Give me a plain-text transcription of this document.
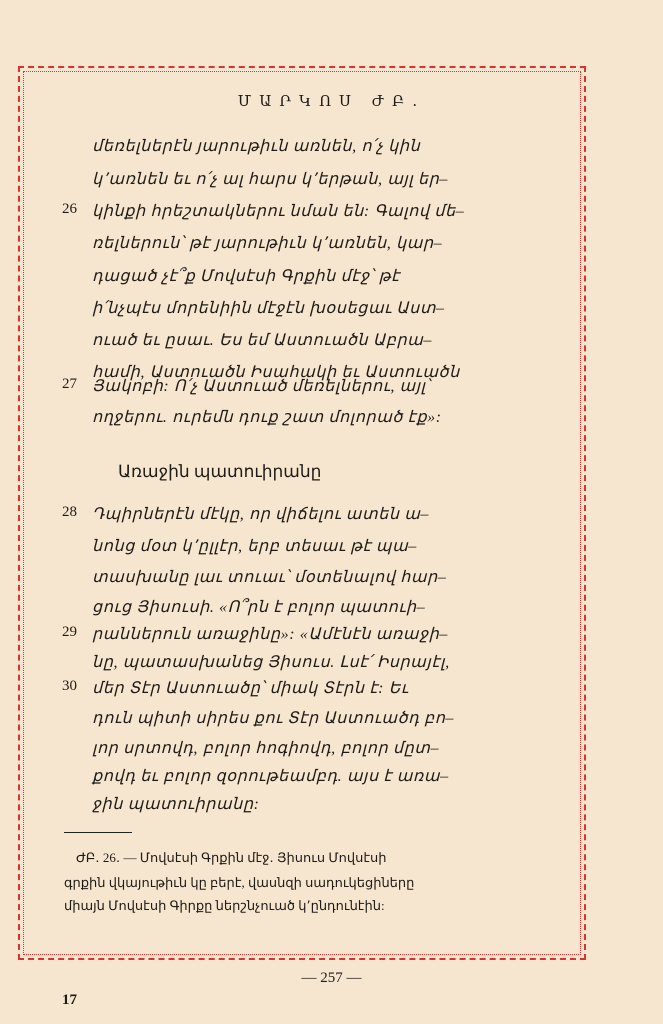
ՄԱՐԿՈՍ ԺԲ․
մեռելներէն յարութիւն առնեն, ո՛չ կին
կ՚առնեն եւ ո՛չ ալ հարս կ՚երթան, այլ եր–
26 կինքի հրեշտակներու նման են: Գալով մե–
ռելներուն՝ թէ յարութիւն կ՚առնեն, կար–
դացած չէ՞ք Մովսէսի Գրքին մէջ՝ թէ
ի՛նչպէս մորենիին մէջէն խօսեցաւ Աստ–
ուած եւ ըսաւ. Ես եմ Աստուածն Աբրա–
համի, Աստուածն Իսահակի եւ Աստուածն
27 Յակոբի: Ո՛չ Աստուած մեռելներու, այլ՝
ողջերու. ուրեմն դուք շատ մոլորած էք»:
Առաջին պատուիրանը
28 Դպիրներէն մէկը, որ վիճելու ատեն ա–
նոնց մօտ կ՚ըլլէր, երբ տեսաւ թէ պա–
տասխանը լաւ տուաւ՝ մօտենալով հար–
ցուց Յիսուսի. «Ո՞րն է բոլոր պատուի–
29 րաններուն առաջինը»: «Ամէնէն առաջի–
նը, պատասխանեց Յիսուս. Լսէ՛ Իսրայէլ,
30 մեր Տէր Աստուածը՝ միակ Տէրն է: Եւ
դուն պիտի սիրես քու Տէր Աստուածդ բո–
լոր սրտովդ, բոլոր հոգիովդ, բոլոր մըտ–
քովդ եւ բոլոր զօրութեամբդ. այս է առա–
ջին պատուիրանը:
ԺԲ․ 26․ — Մովսէսի Գրքին մէջ․ Յիսուս Մովսէսի
գրքին վկայութիւն կը բերէ, վասնզի սադուկեցիները
միայն Մովսէսի Գիրքը ներշնչուած կ՚ընդունէին:
— 257 —
17
